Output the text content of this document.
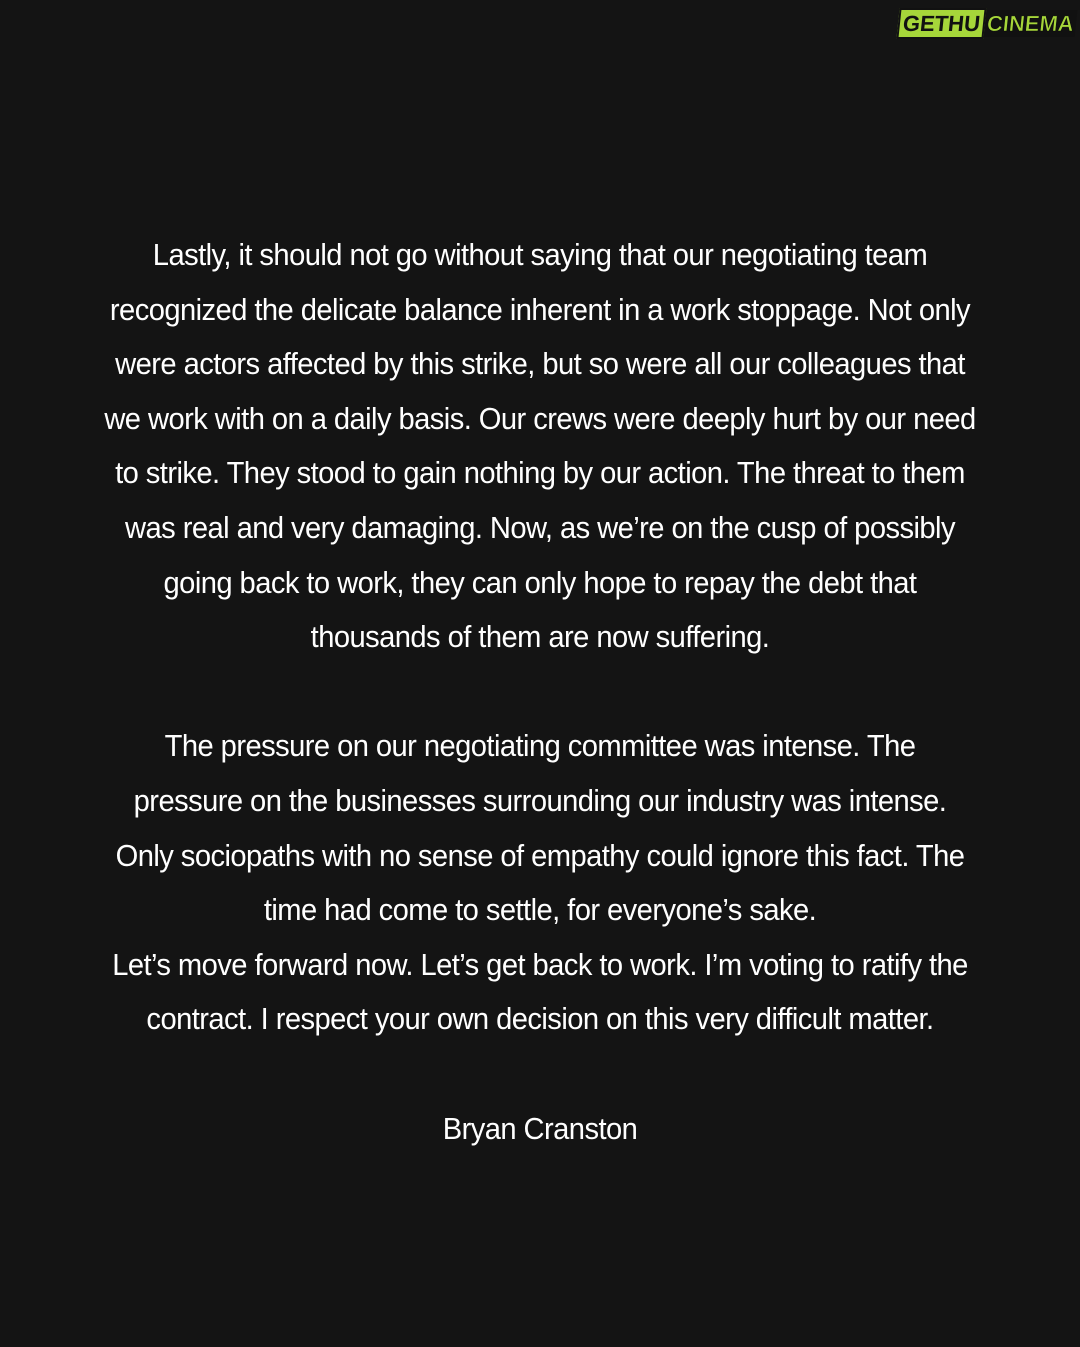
GETHU CINEMA

Lastly, it should not go without saying that our negotiating team
recognized the delicate balance inherent in a work stoppage. Not only
were actors affected by this strike, but so were all our colleagues that
we work with on a daily basis. Our crews were deeply hurt by our need
to strike. They stood to gain nothing by our action. The threat to them
was real and very damaging. Now, as we’re on the cusp of possibly
going back to work, they can only hope to repay the debt that
thousands of them are now suffering.

The pressure on our negotiating committee was intense. The
pressure on the businesses surrounding our industry was intense.
Only sociopaths with no sense of empathy could ignore this fact. The
time had come to settle, for everyone’s sake.
Let’s move forward now. Let’s get back to work. I’m voting to ratify the
contract. I respect your own decision on this very difficult matter.

Bryan Cranston
